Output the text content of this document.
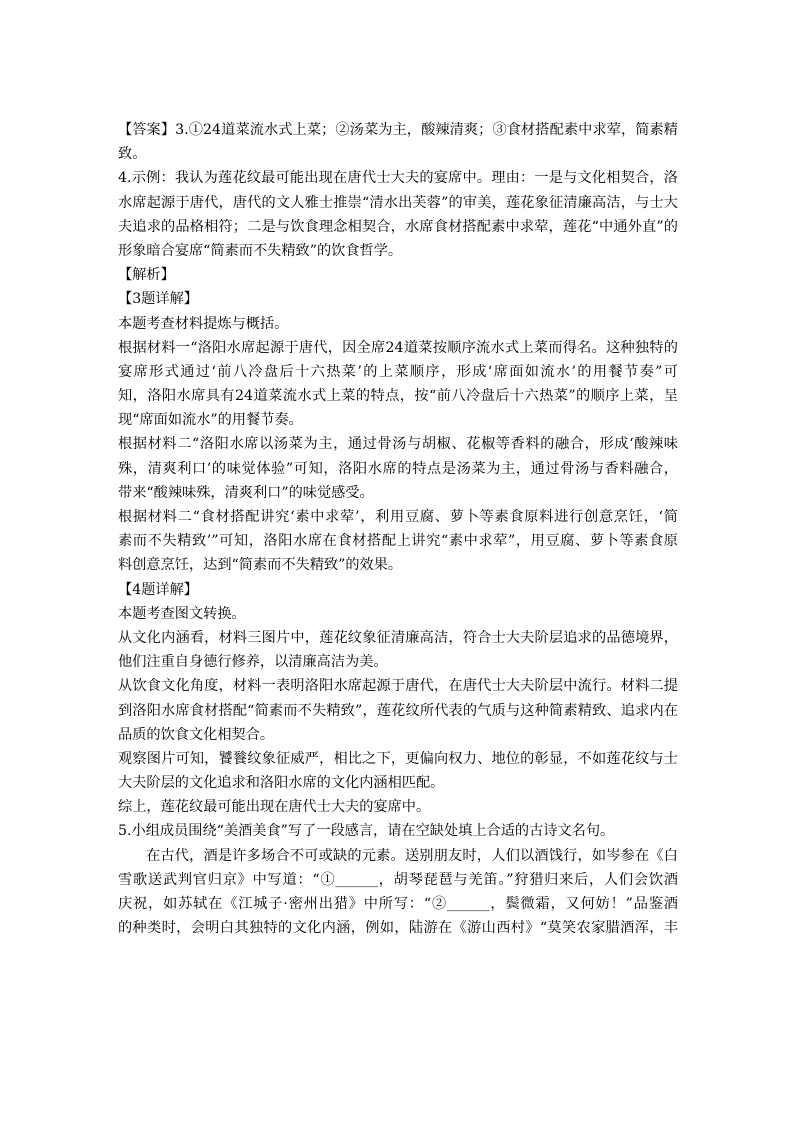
【答案】3.①24道菜流水式上菜；②汤菜为主，酸辣清爽；③食材搭配素中求荤，简素精
致。
4.示例：我认为莲花纹最可能出现在唐代士大夫的宴席中。理由：一是与文化相契合，洛
水席起源于唐代，唐代的文人雅士推崇“清水出芙蓉”的审美，莲花象征清廉高洁，与士大
夫追求的品格相符；二是与饮食理念相契合，水席食材搭配素中求荤，莲花“中通外直”的
形象暗合宴席“简素而不失精致”的饮食哲学。
【解析】
【3题详解】
本题考查材料提炼与概括。
根据材料一“洛阳水席起源于唐代，因全席24道菜按顺序流水式上菜而得名。这种独特的
宴席形式通过‘前八冷盘后十六热菜’的上菜顺序，形成‘席面如流水’的用餐节奏”可
知，洛阳水席具有24道菜流水式上菜的特点，按“前八冷盘后十六热菜”的顺序上菜，呈
现“席面如流水”的用餐节奏。
根据材料二“洛阳水席以汤菜为主，通过骨汤与胡椒、花椒等香料的融合，形成‘酸辣味
殊，清爽利口’的味觉体验”可知，洛阳水席的特点是汤菜为主，通过骨汤与香料融合，
带来“酸辣味殊，清爽利口”的味觉感受。
根据材料二“食材搭配讲究‘素中求荤’，利用豆腐、萝卜等素食原料进行创意烹饪，‘简
素而不失精致’”可知，洛阳水席在食材搭配上讲究“素中求荤”，用豆腐、萝卜等素食原
料创意烹饪，达到“简素而不失精致”的效果。
【4题详解】
本题考查图文转换。
从文化内涵看，材料三图片中，莲花纹象征清廉高洁，符合士大夫阶层追求的品德境界，
他们注重自身德行修养，以清廉高洁为美。
从饮食文化角度，材料一表明洛阳水席起源于唐代，在唐代士大夫阶层中流行。材料二提
到洛阳水席食材搭配“简素而不失精致”，莲花纹所代表的气质与这种简素精致、追求内在
品质的饮食文化相契合。
观察图片可知，饕餮纹象征威严，相比之下，更偏向权力、地位的彰显，不如莲花纹与士
大夫阶层的文化追求和洛阳水席的文化内涵相匹配。
综上，莲花纹最可能出现在唐代士大夫的宴席中。
5.小组成员围绕“美酒美食”写了一段感言，请在空缺处填上合适的古诗文名句。
在古代，酒是许多场合不可或缺的元素。送别朋友时，人们以酒饯行，如岑参在《白
雪歌送武判官归京》中写道：“①______，胡琴琵琶与羌笛。”狩猎归来后，人们会饮酒
庆祝，如苏轼在《江城子·密州出猎》中所写：“②______，鬓微霜，又何妨！”品鉴酒
的种类时，会明白其独特的文化内涵，例如，陆游在《游山西村》“莫笑农家腊酒浑，丰
